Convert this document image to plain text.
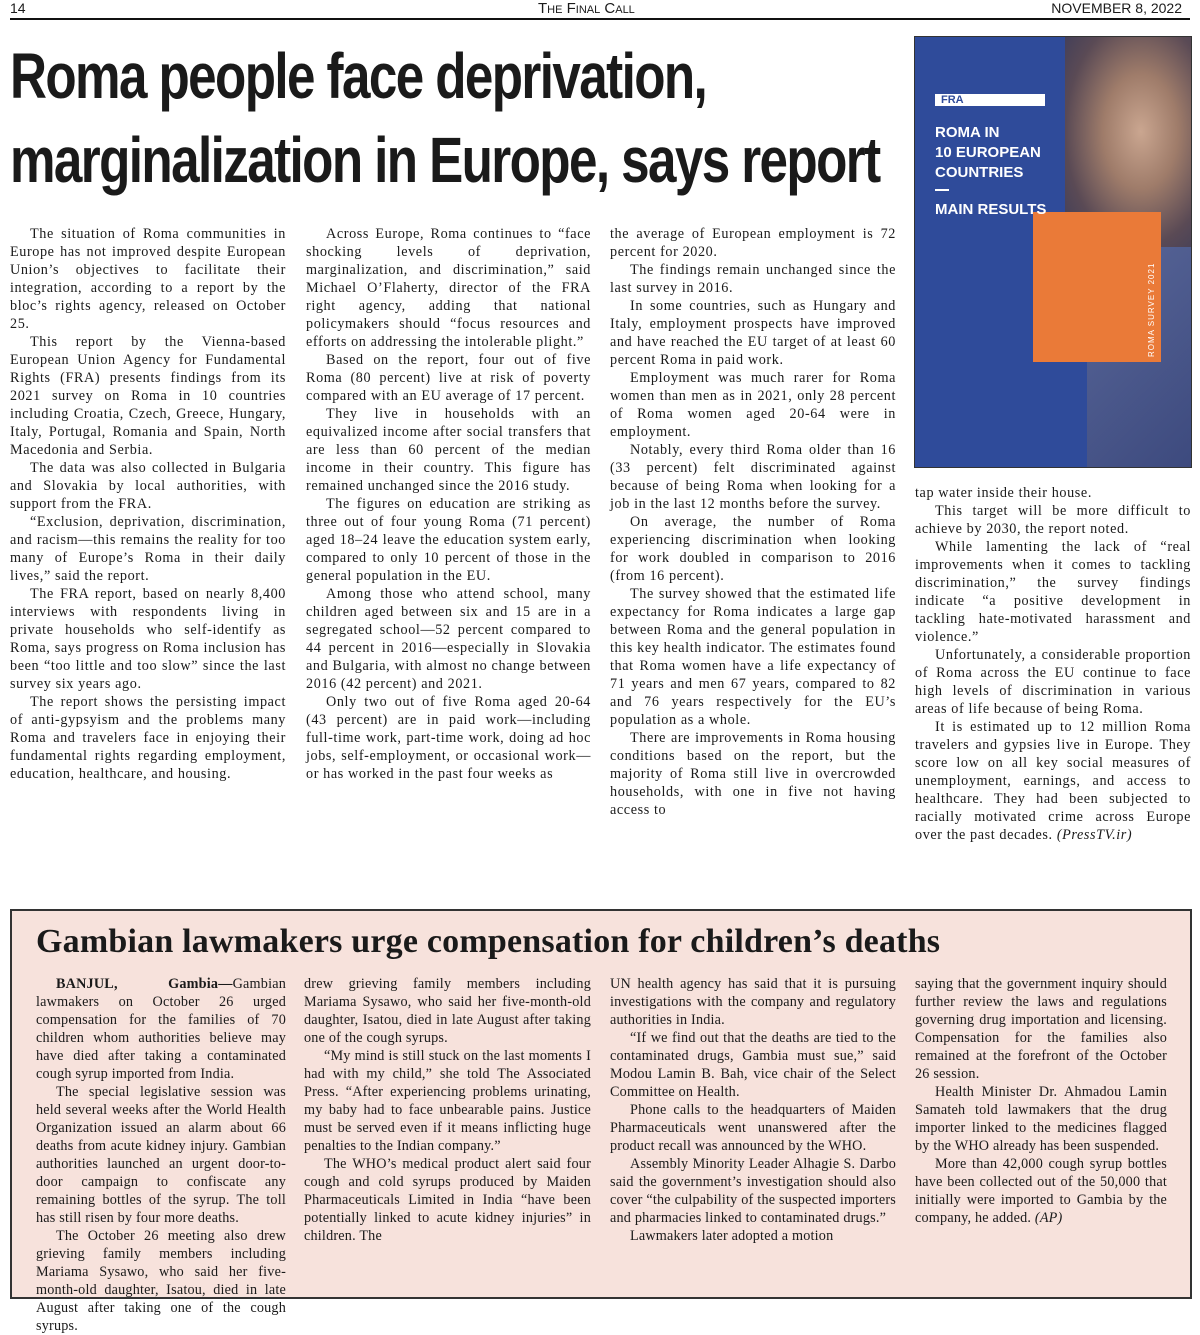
14	The Final Call	NOVEMBER 8, 2022
Roma people face deprivation,
marginalization in Europe, says report
FRA
ROMA IN
10 EUROPEAN
COUNTRIES
MAIN RESULTS
ROMA SURVEY 2021

The situation of Roma communities in Europe has not improved despite European Union’s objectives to facilitate their integration, according to a report by the bloc’s rights agency, released on October 25.

This report by the Vienna-based European Union Agency for Fundamental Rights (FRA) presents findings from its 2021 survey on Roma in 10 countries including Croatia, Czech, Greece, Hungary, Italy, Portugal, Romania and Spain, North Macedonia and Serbia.

The data was also collected in Bulgaria and Slovakia by local authorities, with support from the FRA.

“Exclusion, deprivation, discrimination, and racism—this remains the reality for too many of Europe’s Roma in their daily lives,” said the report.

The FRA report, based on nearly 8,400 interviews with respondents living in private households who self-identify as Roma, says progress on Roma inclusion has been “too little and too slow” since the last survey six years ago.

The report shows the persisting impact of anti-gypsyism and the problems many Roma and travelers face in enjoying their fundamental rights regarding employment, education, healthcare, and housing.

Across Europe, Roma continues to “face shocking levels of deprivation, marginalization, and discrimination,” said Michael O’Flaherty, director of the FRA right agency, adding that national policymakers should “focus resources and efforts on addressing the intolerable plight.”

Based on the report, four out of five Roma (80 percent) live at risk of poverty compared with an EU average of 17 percent.

They live in households with an equivalized income after social transfers that are less than 60 percent of the median income in their country. This figure has remained unchanged since the 2016 study.

The figures on education are striking as three out of four young Roma (71 percent) aged 18–24 leave the education system early, compared to only 10 percent of those in the general population in the EU.

Among those who attend school, many children aged between six and 15 are in a segregated school—52 percent compared to 44 percent in 2016—especially in Slovakia and Bulgaria, with almost no change between 2016 (42 percent) and 2021.

Only two out of five Roma aged 20-64 (43 percent) are in paid work—including full-time work, part-time work, doing ad hoc jobs, self-employment, or occasional work—or has worked in the past four weeks as

the average of European employment is 72 percent for 2020.

The findings remain unchanged since the last survey in 2016.

In some countries, such as Hungary and Italy, employment prospects have improved and have reached the EU target of at least 60 percent Roma in paid work.

Employment was much rarer for Roma women than men as in 2021, only 28 percent of Roma women aged 20-64 were in employment.

Notably, every third Roma older than 16 (33 percent) felt discriminated against because of being Roma when looking for a job in the last 12 months before the survey.

On average, the number of Roma experiencing discrimination when looking for work doubled in comparison to 2016 (from 16 percent).

The survey showed that the estimated life expectancy for Roma indicates a large gap between Roma and the general population in this key health indicator. The estimates found that Roma women have a life expectancy of 71 years and men 67 years, compared to 82 and 76 years respectively for the EU’s population as a whole.

There are improvements in Roma housing conditions based on the report, but the majority of Roma still live in overcrowded households, with one in five not having access to

tap water inside their house.

This target will be more difficult to achieve by 2030, the report noted.

While lamenting the lack of “real improvements when it comes to tackling discrimination,” the survey findings indicate “a positive development in tackling hate-motivated harassment and violence.”

Unfortunately, a considerable proportion of Roma across the EU continue to face high levels of discrimination in various areas of life because of being Roma.

It is estimated up to 12 million Roma travelers and gypsies live in Europe. They score low on all key social measures of unemployment, earnings, and access to healthcare. They had been subjected to racially motivated crime across Europe over the past decades. (PressTV.ir)

Gambian lawmakers urge compensation for children’s deaths

BANJUL, Gambia—Gambian lawmakers on October 26 urged compensation for the families of 70 children whom authorities believe may have died after taking a contaminated cough syrup imported from India.

The special legislative session was held several weeks after the World Health Organization issued an alarm about 66 deaths from acute kidney injury. Gambian authorities launched an urgent door-to-door campaign to confiscate any remaining bottles of the syrup. The toll has still risen by four more deaths.

The October 26 meeting also drew grieving family members including Mariama Sysawo, who said her five-month-old daughter, Isatou, died in late August after taking one of the cough syrups.

drew grieving family members including Mariama Sysawo, who said her five-month-old daughter, Isatou, died in late August after taking one of the cough syrups.

“My mind is still stuck on the last moments I had with my child,” she told The Associated Press. “After experiencing problems urinating, my baby had to face unbearable pains. Justice must be served even if it means inflicting huge penalties to the Indian company.”

The WHO’s medical product alert said four cough and cold syrups produced by Maiden Pharmaceuticals Limited in India “have been potentially linked to acute kidney injuries” in children. The

UN health agency has said that it is pursuing investigations with the company and regulatory authorities in India.

“If we find out that the deaths are tied to the contaminated drugs, Gambia must sue,” said Modou Lamin B. Bah, vice chair of the Select Committee on Health.

Phone calls to the headquarters of Maiden Pharmaceuticals went unanswered after the product recall was announced by the WHO.

Assembly Minority Leader Alhagie S. Darbo said the government’s investigation should also cover “the culpability of the suspected importers and pharmacies linked to contaminated drugs.”

Lawmakers later adopted a motion

saying that the government inquiry should further review the laws and regulations governing drug importation and licensing. Compensation for the families also remained at the forefront of the October 26 session.

Health Minister Dr. Ahmadou Lamin Samateh told lawmakers that the drug importer linked to the medicines flagged by the WHO already has been suspended.

More than 42,000 cough syrup bottles have been collected out of the 50,000 that initially were imported to Gambia by the company, he added. (AP)
